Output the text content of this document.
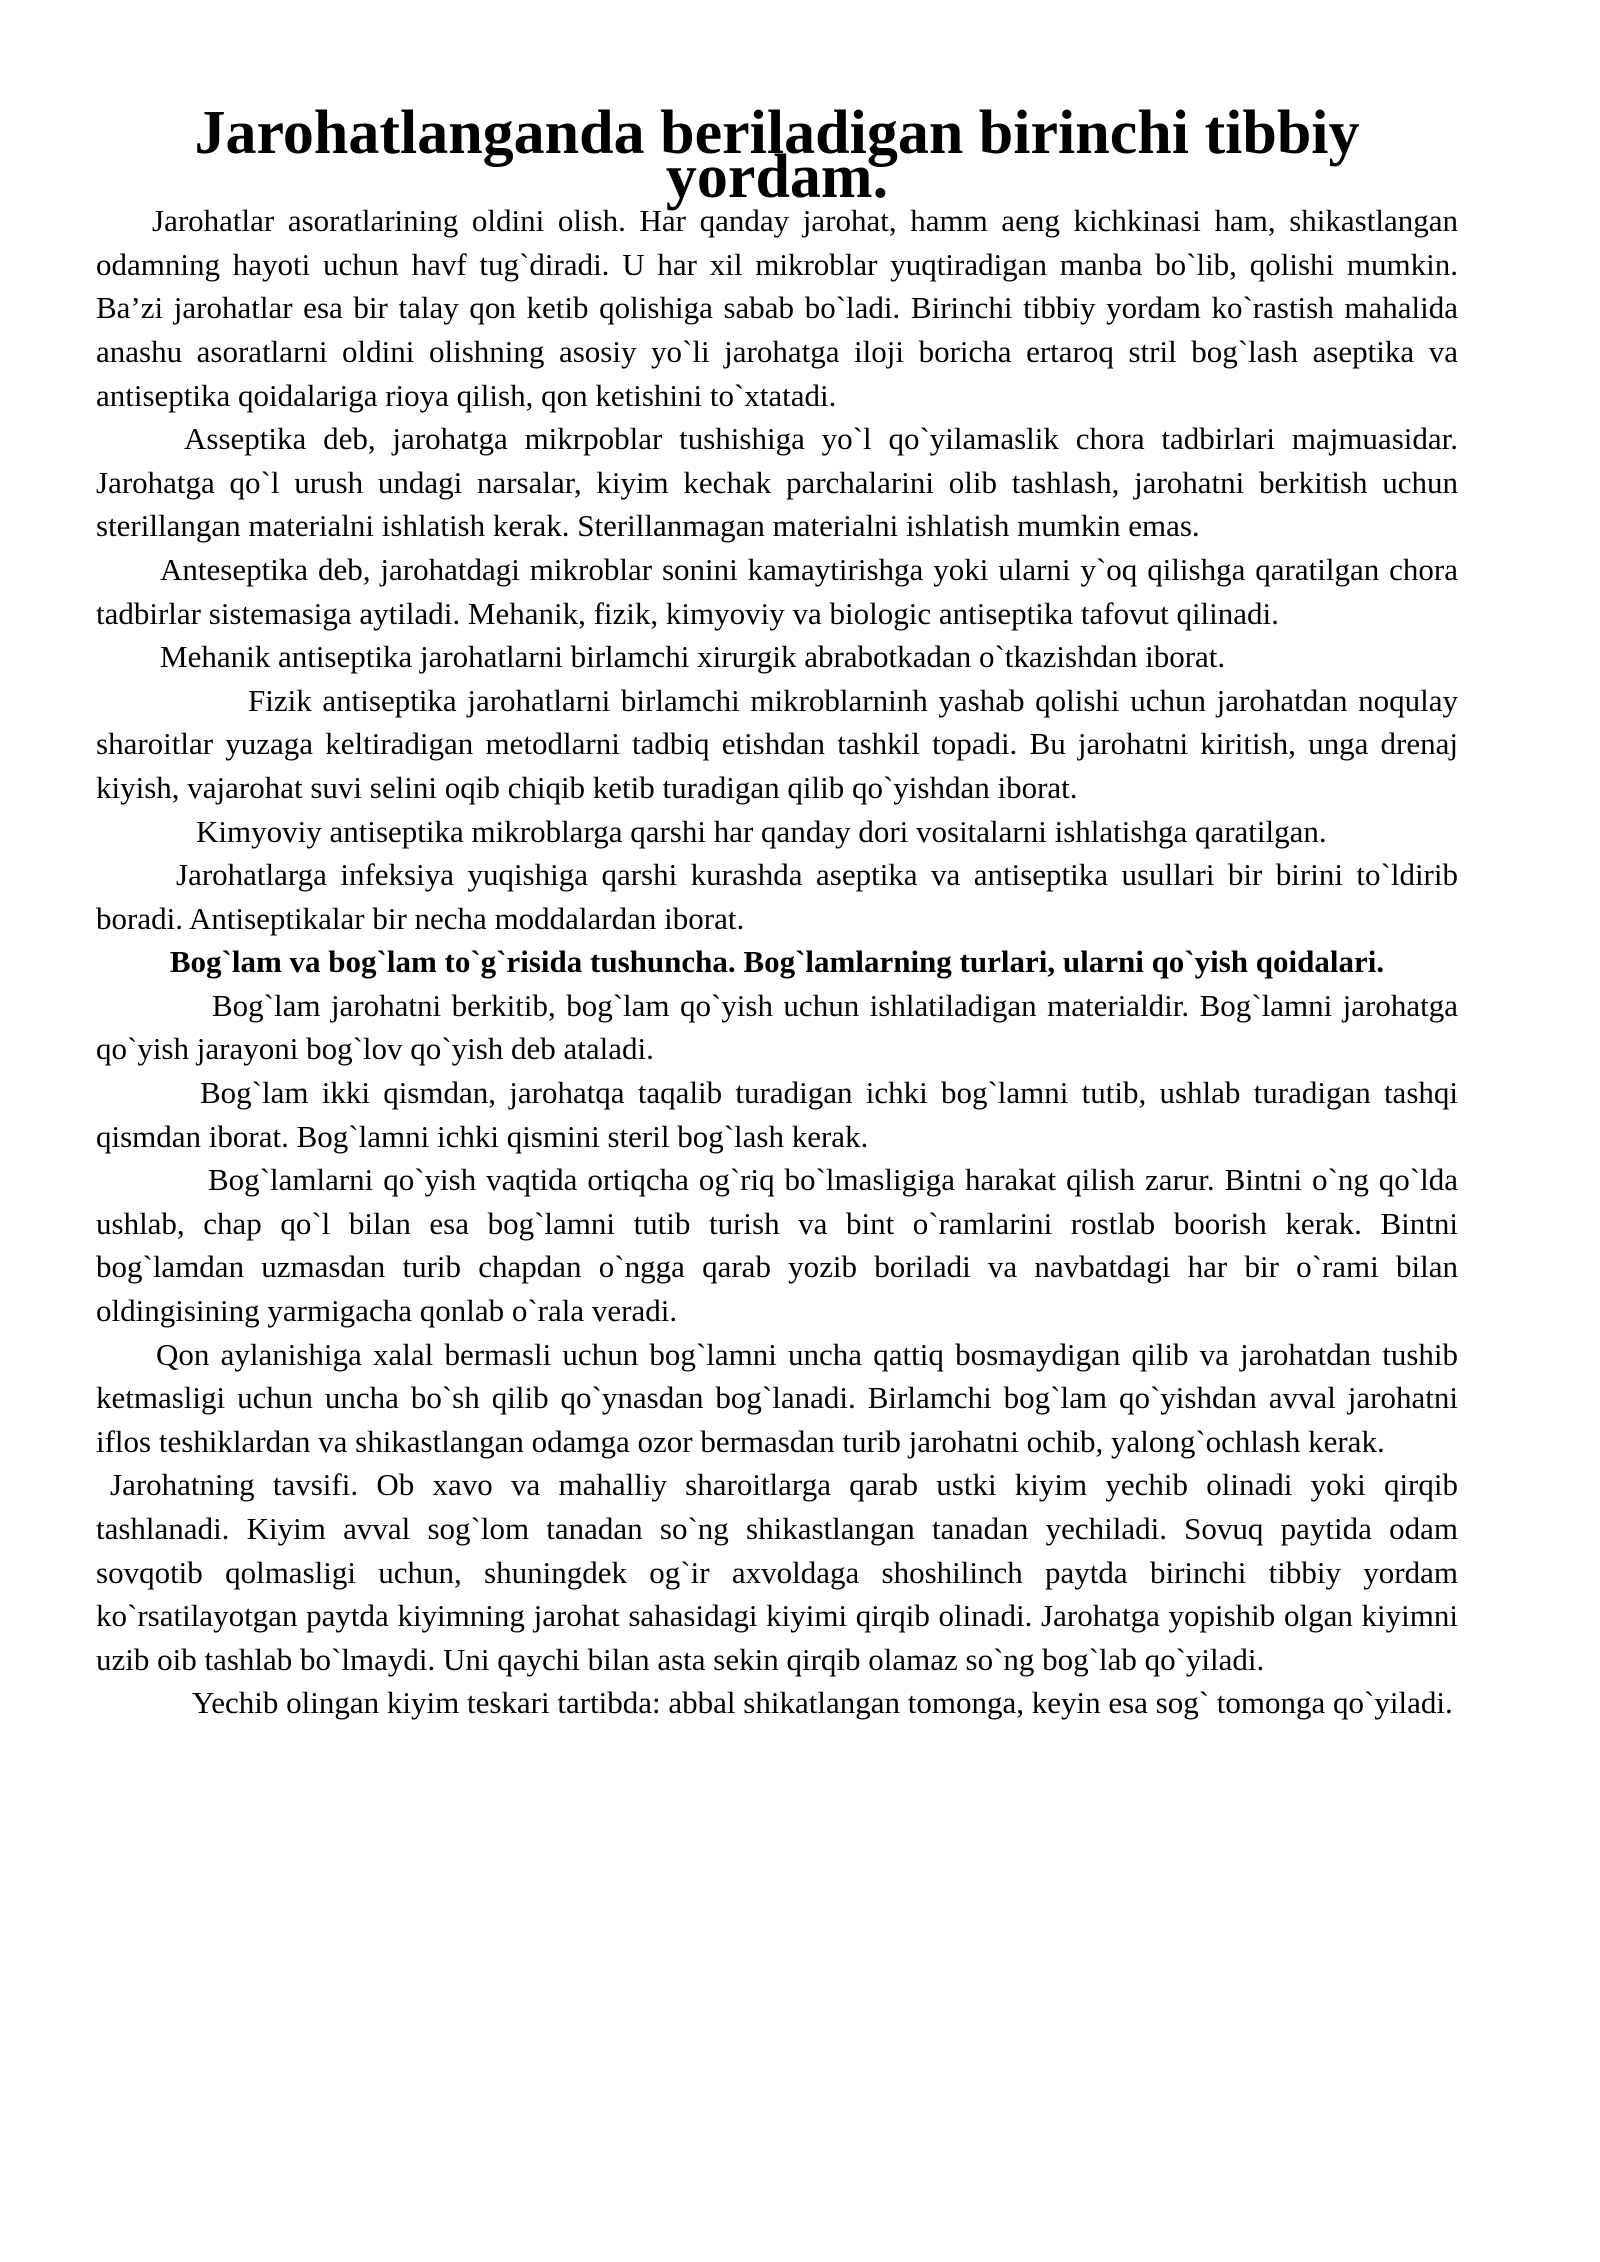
Jarohatlanganda beriladigan birinchi tibbiy yordam.

Jarohatlar asoratlarining oldini olish. Har qanday jarohat, hamm aeng kichkinasi ham, shikastlangan odamning hayoti uchun havf tug`diradi. U har xil mikroblar yuqtiradigan manba bo`lib, qolishi mumkin. Ba’zi jarohatlar esa bir talay qon ketib qolishiga sabab bo`ladi. Birinchi tibbiy yordam ko`rastish mahalida anashu asoratlarni oldini olishning asosiy yo`li jarohatga iloji boricha ertaroq stril bog`lash aseptika va antiseptika qoidalariga rioya qilish, qon ketishini to`xtatadi.

Asseptika deb, jarohatga mikrpoblar tushishiga yo`l qo`yilamaslik chora tadbirlari majmuasidar. Jarohatga qo`l urush undagi narsalar, kiyim kechak parchalarini olib tashlash, jarohatni berkitish uchun sterillangan materialni ishlatish kerak. Sterillanmagan materialni ishlatish mumkin emas.

Anteseptika deb, jarohatdagi mikroblar sonini kamaytirishga yoki ularni y`oq qilishga qaratilgan chora tadbirlar sistemasiga aytiladi. Mehanik, fizik, kimyoviy va biologic antiseptika tafovut qilinadi.

Mehanik antiseptika jarohatlarni birlamchi xirurgik abrabotkadan o`tkazishdan iborat.

Fizik antiseptika jarohatlarni birlamchi mikroblarninh yashab qolishi uchun jarohatdan noqulay sharoitlar yuzaga keltiradigan metodlarni tadbiq etishdan tashkil topadi. Bu jarohatni kiritish, unga drenaj kiyish, vajarohat suvi selini oqib chiqib ketib turadigan qilib qo`yishdan iborat.

Kimyoviy antiseptika mikroblarga qarshi har qanday dori vositalarni ishlatishga qaratilgan.

Jarohatlarga infeksiya yuqishiga qarshi kurashda aseptika va antiseptika usullari bir birini to`ldirib boradi. Antiseptikalar bir necha moddalardan iborat.

Bog`lam va bog`lam to`g`risida tushuncha. Bog`lamlarning turlari, ularni qo`yish qoidalari.

Bog`lam jarohatni berkitib, bog`lam qo`yish uchun ishlatiladigan materialdir. Bog`lamni jarohatga qo`yish jarayoni bog`lov qo`yish deb ataladi.

Bog`lam ikki qismdan, jarohatqa taqalib turadigan ichki bog`lamni tutib, ushlab turadigan tashqi qismdan iborat. Bog`lamni ichki qismini steril bog`lash kerak.

Bog`lamlarni qo`yish vaqtida ortiqcha og`riq bo`lmasligiga harakat qilish zarur. Bintni o`ng qo`lda ushlab, chap qo`l bilan esa bog`lamni tutib turish va bint o`ramlarini rostlab boorish kerak. Bintni bog`lamdan uzmasdan turib chapdan o`ngga qarab yozib boriladi va navbatdagi har bir o`rami bilan oldingisining yarmigacha qonlab o`rala veradi.

Qon aylanishiga xalal bermasli uchun bog`lamni uncha qattiq bosmaydigan qilib va jarohatdan tushib ketmasligi uchun uncha bo`sh qilib qo`ynasdan bog`lanadi. Birlamchi bog`lam qo`yishdan avval jarohatni iflos teshiklardan va shikastlangan odamga ozor bermasdan turib jarohatni ochib, yalong`ochlash kerak.

Jarohatning tavsifi. Ob xavo va mahalliy sharoitlarga qarab ustki kiyim yechib olinadi yoki qirqib tashlanadi. Kiyim avval sog`lom tanadan so`ng shikastlangan tanadan yechiladi. Sovuq paytida odam sovqotib qolmasligi uchun, shuningdek og`ir axvoldaga shoshilinch paytda birinchi tibbiy yordam ko`rsatilayotgan paytda kiyimning jarohat sahasidagi kiyimi qirqib olinadi. Jarohatga yopishib olgan kiyimni uzib oib tashlab bo`lmaydi. Uni qaychi bilan asta sekin qirqib olamaz so`ng bog`lab qo`yiladi.

Yechib olingan kiyim teskari tartibda: abbal shikatlangan tomonga, keyin esa sog` tomonga qo`yiladi.
